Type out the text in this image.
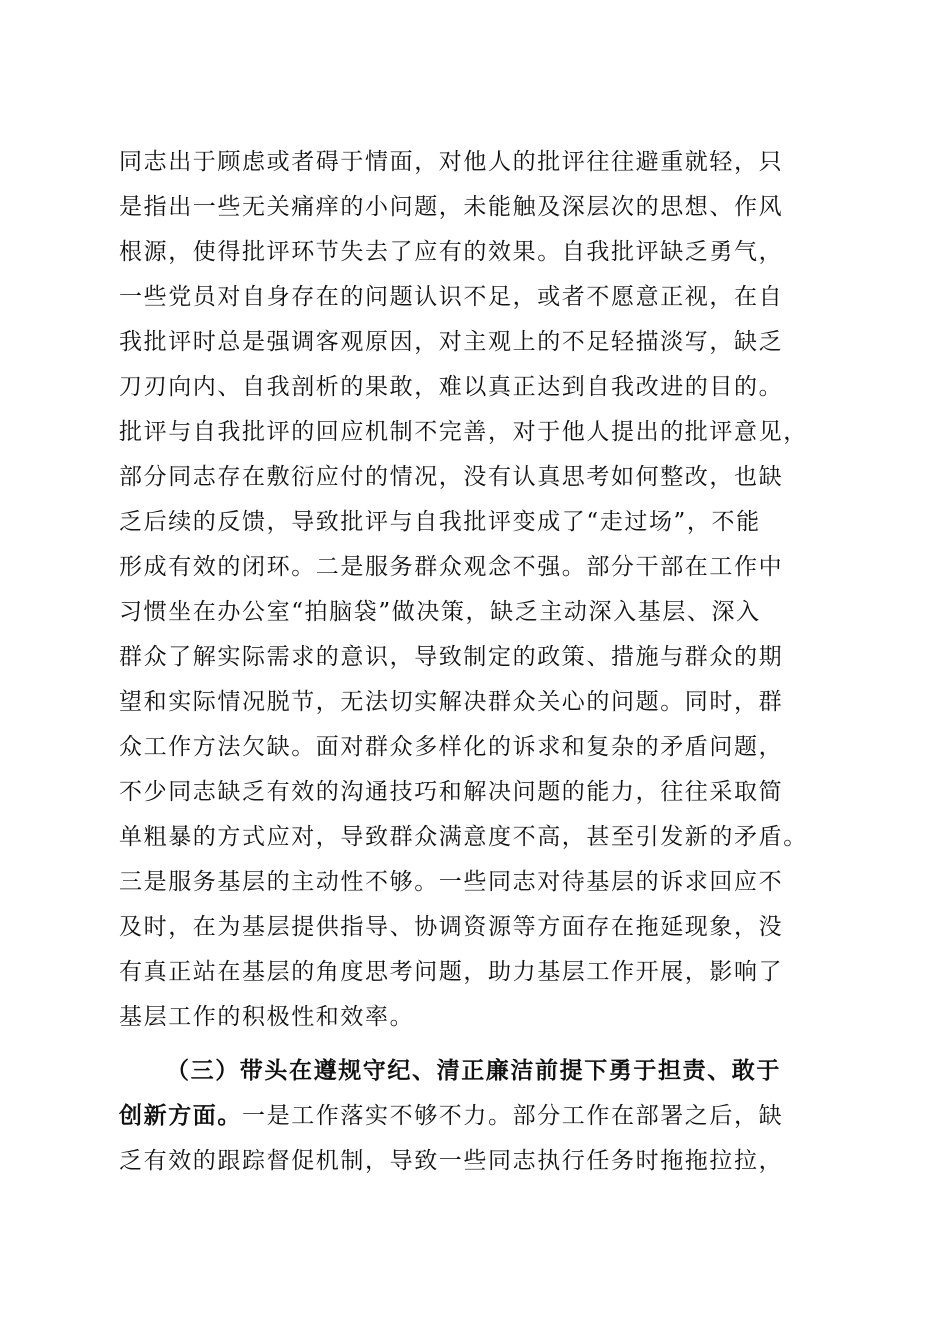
同志出于顾虑或者碍于情面，对他人的批评往往避重就轻，只
是指出一些无关痛痒的小问题，未能触及深层次的思想、作风
根源，使得批评环节失去了应有的效果。自我批评缺乏勇气，
一些党员对自身存在的问题认识不足，或者不愿意正视，在自
我批评时总是强调客观原因，对主观上的不足轻描淡写，缺乏
刀刃向内、自我剖析的果敢，难以真正达到自我改进的目的。
批评与自我批评的回应机制不完善，对于他人提出的批评意见，
部分同志存在敷衍应付的情况，没有认真思考如何整改，也缺
乏后续的反馈，导致批评与自我批评变成了“走过场”，不能
形成有效的闭环。二是服务群众观念不强。部分干部在工作中
习惯坐在办公室“拍脑袋”做决策，缺乏主动深入基层、深入
群众了解实际需求的意识，导致制定的政策、措施与群众的期
望和实际情况脱节，无法切实解决群众关心的问题。同时，群
众工作方法欠缺。面对群众多样化的诉求和复杂的矛盾问题，
不少同志缺乏有效的沟通技巧和解决问题的能力，往往采取简
单粗暴的方式应对，导致群众满意度不高，甚至引发新的矛盾。
三是服务基层的主动性不够。一些同志对待基层的诉求回应不
及时，在为基层提供指导、协调资源等方面存在拖延现象，没
有真正站在基层的角度思考问题，助力基层工作开展，影响了
基层工作的积极性和效率。
（三）带头在遵规守纪、清正廉洁前提下勇于担责、敢于
创新方面。一是工作落实不够不力。部分工作在部署之后，缺
乏有效的跟踪督促机制，导致一些同志执行任务时拖拖拉拉，
